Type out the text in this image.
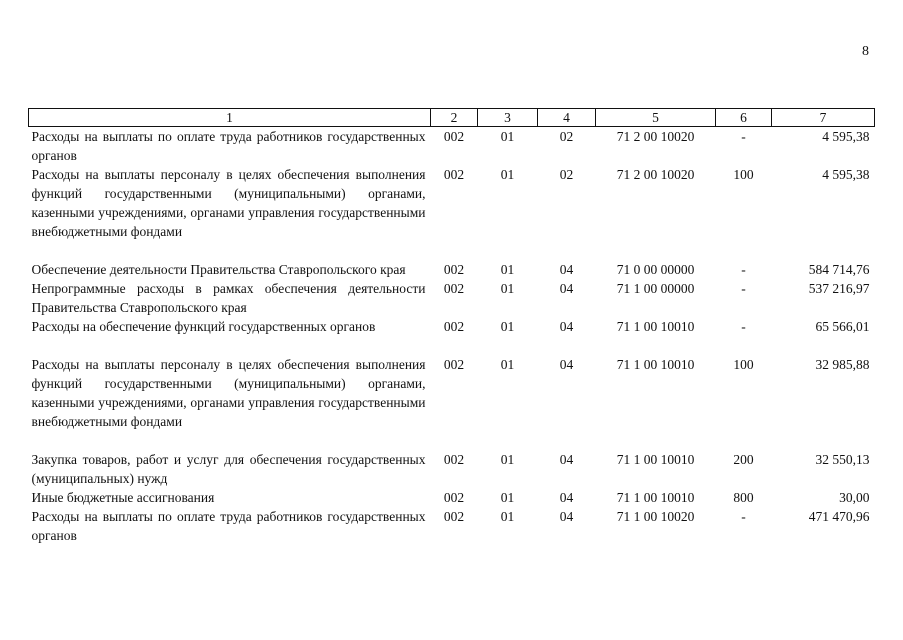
8
1	2	3	4	5	6	7
Расходы на выплаты по оплате труда работников государственных органов	002	01	02	71 2 00 10020	-	4 595,38
Расходы на выплаты персоналу в целях обеспечения выполнения функций государственными (муниципальными) органами, казенными учреждениями, органами управления государственными внебюджетными фондами	002	01	02	71 2 00 10020	100	4 595,38
Обеспечение деятельности Правительства Ставропольского края	002	01	04	71 0 00 00000	-	584 714,76
Непрограммные расходы в рамках обеспечения деятельности Правительства Ставропольского края	002	01	04	71 1 00 00000	-	537 216,97
Расходы на обеспечение функций государственных органов	002	01	04	71 1 00 10010	-	65 566,01
Расходы на выплаты персоналу в целях обеспечения выполнения функций государственными (муниципальными) органами, казенными учреждениями, органами управления государственными внебюджетными фондами	002	01	04	71 1 00 10010	100	32 985,88
Закупка товаров, работ и услуг для обеспечения государственных (муниципальных) нужд	002	01	04	71 1 00 10010	200	32 550,13
Иные бюджетные ассигнования	002	01	04	71 1 00 10010	800	30,00
Расходы на выплаты по оплате труда работников государственных органов	002	01	04	71 1 00 10020	-	471 470,96
